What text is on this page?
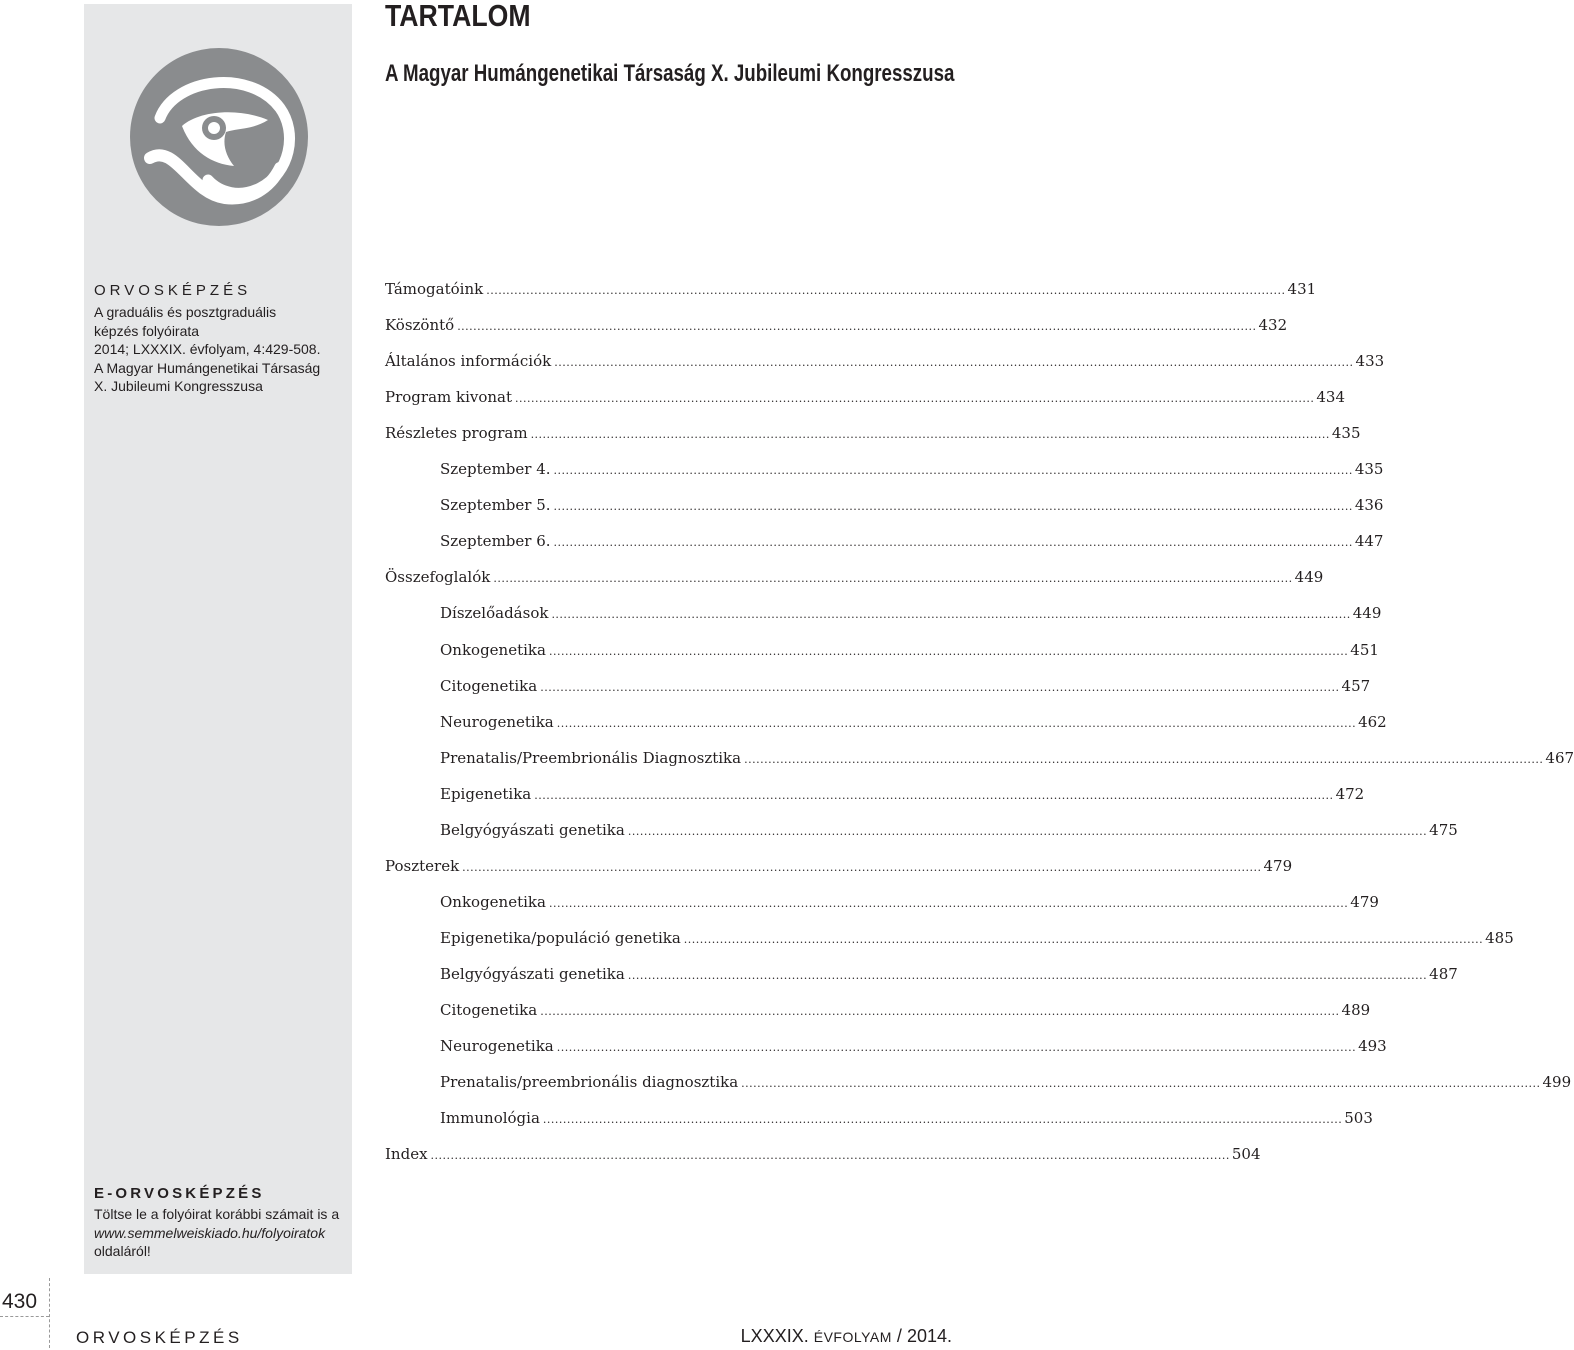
ORVOSKÉPZÉS
A graduális és posztgraduális
képzés folyóirata
2014; LXXXIX. évfolyam, 4:429-508.
A Magyar Humángenetikai Társaság
X. Jubileumi Kongresszusa
E-ORVOSKÉPZÉS
Töltse le a folyóirat korábbi számait is a
www.semmelweiskiado.hu/folyoiratok
oldaláról!
TARTALOM
A Magyar Humángenetikai Társaság X. Jubileumi Kongresszusa
Támogatóink ........................................................................................................................................................................................................ 431
Köszöntő ........................................................................................................................................................................................................ 432
Általános információk ........................................................................................................................................................................................................ 433
Program kivonat ........................................................................................................................................................................................................ 434
Részletes program ........................................................................................................................................................................................................ 435
Szeptember 4. ........................................................................................................................................................................................................ 435
Szeptember 5. ........................................................................................................................................................................................................ 436
Szeptember 6. ........................................................................................................................................................................................................ 447
Összefoglalók ........................................................................................................................................................................................................ 449
Díszelőadások ........................................................................................................................................................................................................ 449
Onkogenetika ........................................................................................................................................................................................................ 451
Citogenetika ........................................................................................................................................................................................................ 457
Neurogenetika ........................................................................................................................................................................................................ 462
Prenatalis/Preembrionális Diagnosztika ........................................................................................................................................................................................................ 467
Epigenetika ........................................................................................................................................................................................................ 472
Belgyógyászati genetika ........................................................................................................................................................................................................ 475
Poszterek ........................................................................................................................................................................................................ 479
Onkogenetika ........................................................................................................................................................................................................ 479
Epigenetika/populáció genetika ........................................................................................................................................................................................................ 485
Belgyógyászati genetika ........................................................................................................................................................................................................ 487
Citogenetika ........................................................................................................................................................................................................ 489
Neurogenetika ........................................................................................................................................................................................................ 493
Prenatalis/preembrionális diagnosztika ........................................................................................................................................................................................................ 499
Immunológia ........................................................................................................................................................................................................ 503
Index ........................................................................................................................................................................................................ 504
430
ORVOSKÉPZÉS	LXXXIX. ÉVFOLYAM / 2014.
